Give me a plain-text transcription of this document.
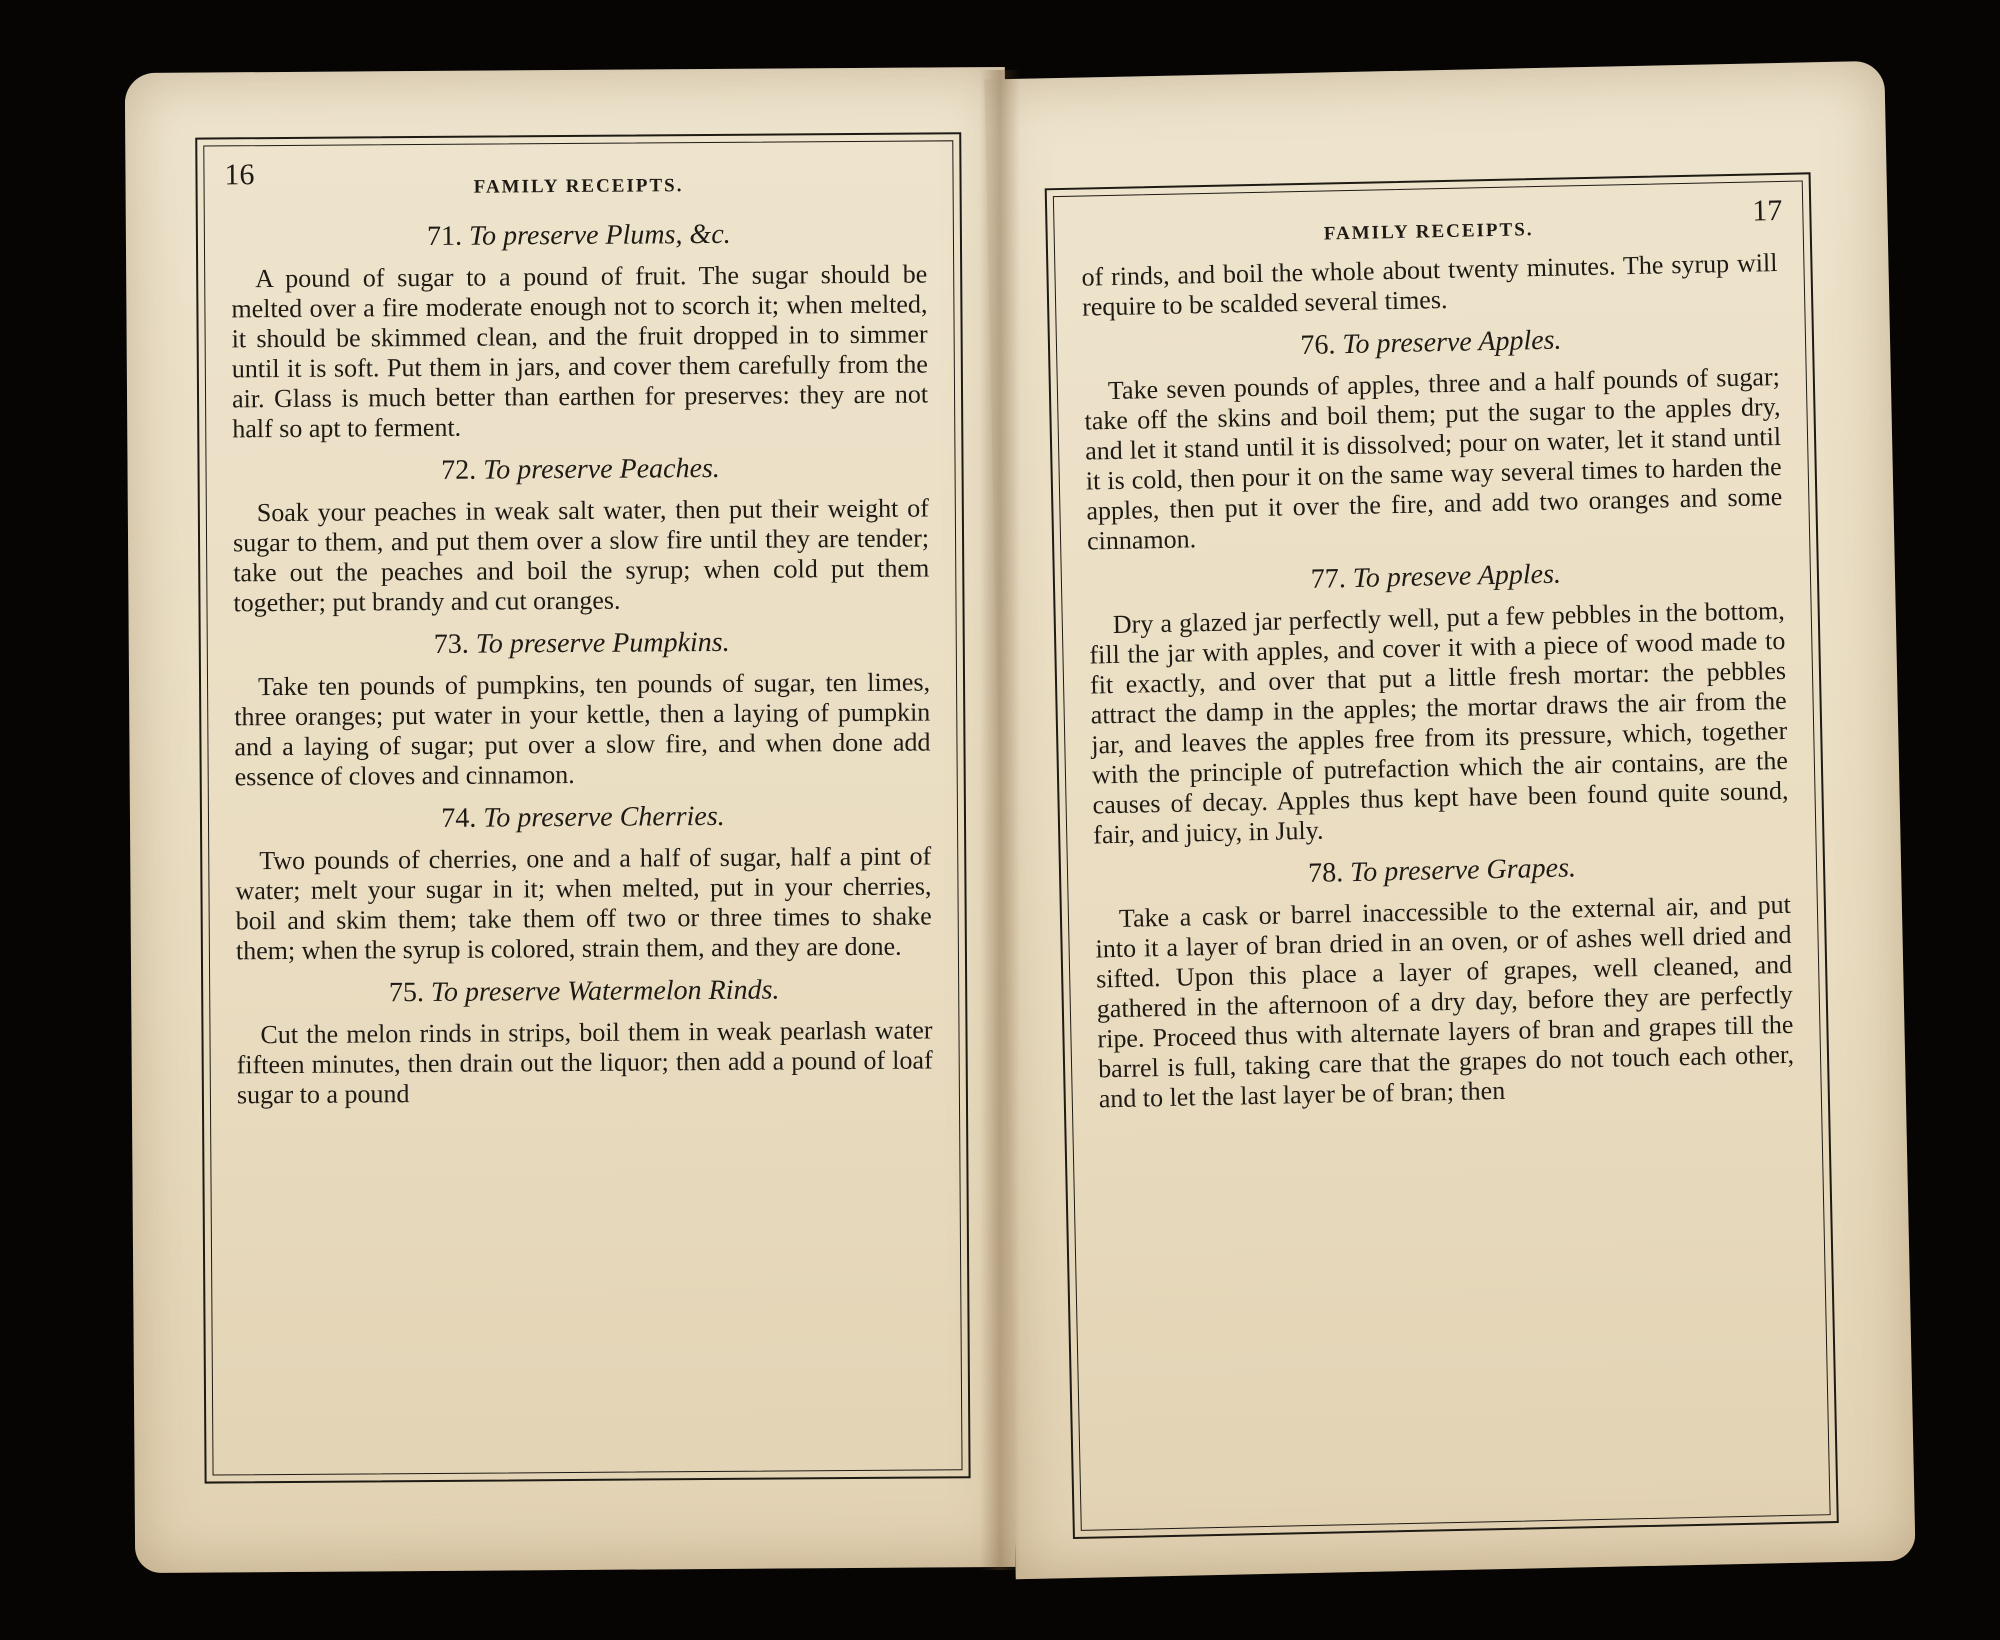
16	FAMILY RECEIPTS.
71. To preserve Plums, &c.

A pound of sugar to a pound of fruit. The sugar should be melted over a fire moderate enough not to scorch it; when melted, it should be skimmed clean, and the fruit dropped in to simmer until it is soft. Put them in jars, and cover them carefully from the air. Glass is much better than earthen for preserves: they are not half so apt to ferment.

72. To preserve Peaches.

Soak your peaches in weak salt water, then put their weight of sugar to them, and put them over a slow fire until they are tender; take out the peaches and boil the syrup; when cold put them together; put brandy and cut oranges.

73. To preserve Pumpkins.

Take ten pounds of pumpkins, ten pounds of sugar, ten limes, three oranges; put water in your kettle, then a laying of pumpkin and a laying of sugar; put over a slow fire, and when done add essence of cloves and cinnamon.

74. To preserve Cherries.

Two pounds of cherries, one and a half of sugar, half a pint of water; melt your sugar in it; when melted, put in your cherries, boil and skim them; take them off two or three times to shake them; when the syrup is colored, strain them, and they are done.

75. To preserve Watermelon Rinds.

Cut the melon rinds in strips, boil them in weak pearlash water fifteen minutes, then drain out the liquor; then add a pound of loaf sugar to a pound

FAMILY RECEIPTS.
17

of rinds, and boil the whole about twenty minutes. The syrup will require to be scalded several times.

76. To preserve Apples.

Take seven pounds of apples, three and a half pounds of sugar; take off the skins and boil them; put the sugar to the apples dry, and let it stand until it is dissolved; pour on water, let it stand until it is cold, then pour it on the same way several times to harden the apples, then put it over the fire, and add two oranges and some cinnamon.

77. To preseve Apples.

Dry a glazed jar perfectly well, put a few pebbles in the bottom, fill the jar with apples, and cover it with a piece of wood made to fit exactly, and over that put a little fresh mortar: the pebbles attract the damp in the apples; the mortar draws the air from the jar, and leaves the apples free from its pressure, which, together with the principle of putrefaction which the air contains, are the causes of decay. Apples thus kept have been found quite sound, fair, and juicy, in July.

78. To preserve Grapes.

Take a cask or barrel inaccessible to the external air, and put into it a layer of bran dried in an oven, or of ashes well dried and sifted. Upon this place a layer of grapes, well cleaned, and gathered in the afternoon of a dry day, before they are perfectly ripe. Proceed thus with alternate layers of bran and grapes till the barrel is full, taking care that the grapes do not touch each other, and to let the last layer be of bran; then
